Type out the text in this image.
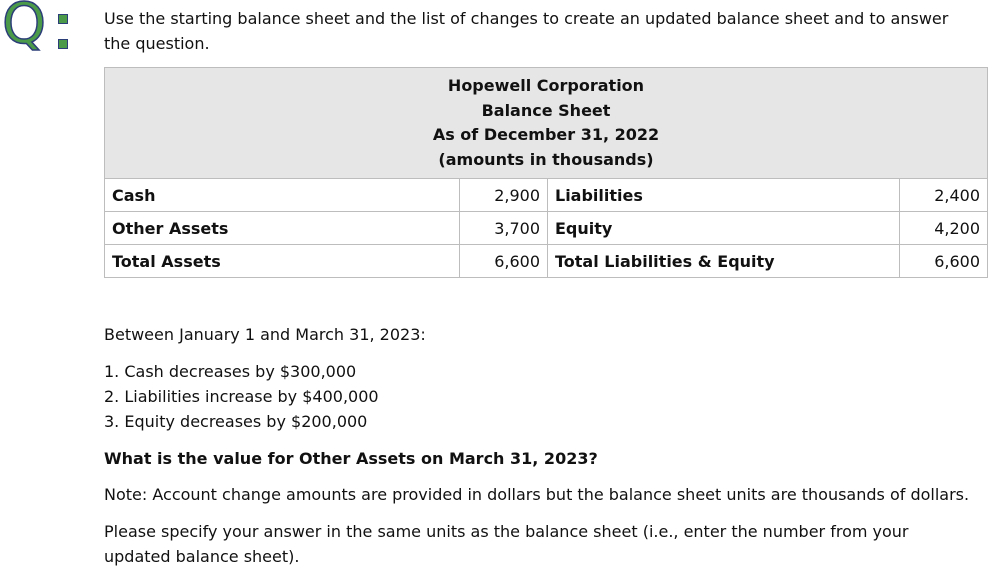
Q	Use the starting balance sheet and the list of changes to create an updated balance sheet and to answer the question.
Hopewell Corporation
Balance Sheet
As of December 31, 2022
(amounts in thousands)			

Cash	2,900	Liabilities	2,400
Other Assets	3,700	Equity	4,200
Total Assets	6,600	Total Liabilities & Equity	6,600
Between January 1 and March 31, 2023:
1. Cash decreases by $300,000
2. Liabilities increase by $400,000
3. Equity decreases by $200,000
What is the value for Other Assets on March 31, 2023?
Note: Account change amounts are provided in dollars but the balance sheet units are thousands of dollars.
Please specify your answer in the same units as the balance sheet (i.e., enter the number from your updated balance sheet).
